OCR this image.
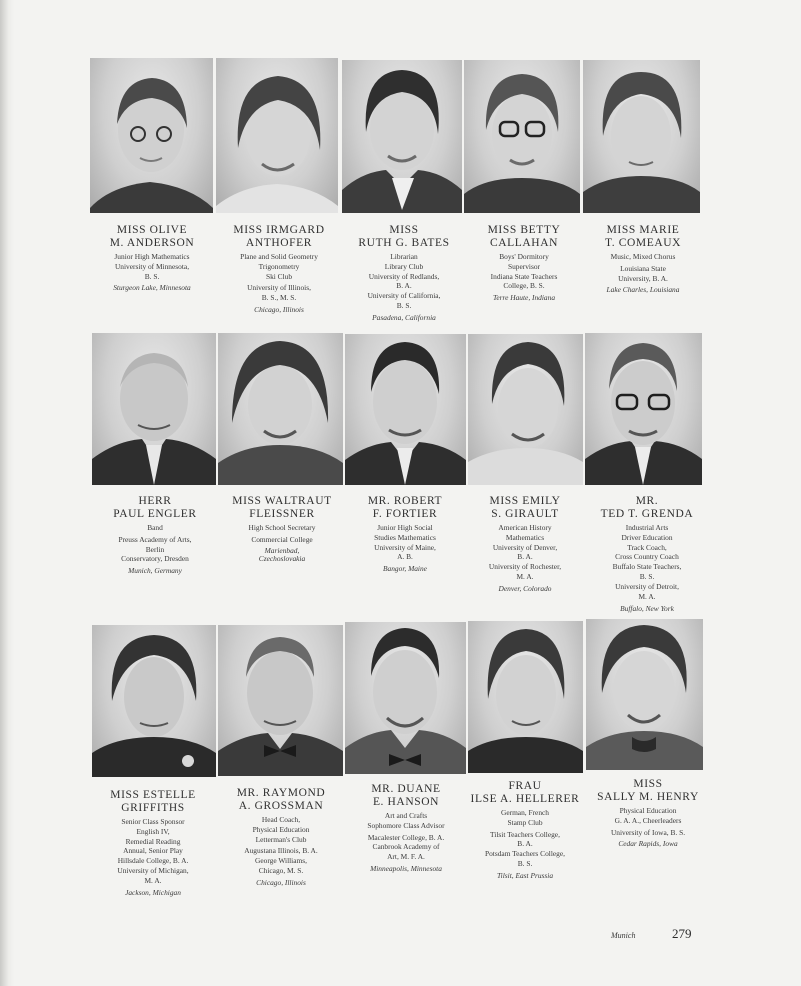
MISS OLIVE
M. ANDERSON
Junior High Mathematics
University of Minnesota,
B. S.
Sturgeon Lake, Minnesota
MISS IRMGARD
ANTHOFER
Plane and Solid Geometry
Trigonometry
Ski Club
University of Illinois,
B. S., M. S.
Chicago, Illinois
MISS
RUTH G. BATES
Librarian
Library Club
University of Redlands,
B. A.
University of California,
B. S.
Pasadena, California
MISS BETTY
CALLAHAN
Boys' Dormitory
Supervisor
Indiana State Teachers
College, B. S.
Terre Haute, Indiana
MISS MARIE
T. COMEAUX
Music, Mixed Chorus
Louisiana State
University, B. A.
Lake Charles, Louisiana
HERR
PAUL ENGLER
Band
Preuss Academy of Arts,
Berlin
Conservatory, Dresden
Munich, Germany
MISS WALTRAUT
FLEISSNER
High School Secretary
Commercial College
Marienbad, Czechoslovakia
MR. ROBERT
F. FORTIER
Junior High Social
Studies Mathematics
University of Maine,
A. B.
Bangor, Maine
MISS EMILY
S. GIRAULT
American History
Mathematics
University of Denver,
B. A.
University of Rochester,
M. A.
Denver, Colorado
MR.
TED T. GRENDA
Industrial Arts
Driver Education
Track Coach,
Cross Country Coach
Buffalo State Teachers,
B. S.
University of Detroit,
M. A.
Buffalo, New York
MISS ESTELLE
GRIFFITHS
Senior Class Sponsor
English IV,
Remedial Reading
Annual, Senior Play
Hillsdale College, B. A.
University of Michigan,
M. A.
Jackson, Michigan
MR. RAYMOND
A. GROSSMAN
Head Coach,
Physical Education
Letterman's Club
Augustana Illinois, B. A.
George Williams,
Chicago, M. S.
Chicago, Illinois
MR. DUANE
E. HANSON
Art and Crafts
Sophomore Class Advisor
Macalester College, B. A.
Canbrook Academy of
Art, M. F. A.
Minneapolis, Minnesota
FRAU
ILSE A. HELLERER
German, French
Stamp Club
Tilsit Teachers College,
B. A.
Potsdam Teachers College,
B. S.
Tilsit, East Prussia
MISS
SALLY M. HENRY
Physical Education
G. A. A., Cheerleaders
University of Iowa, B. S.
Cedar Rapids, Iowa
Munich	279
